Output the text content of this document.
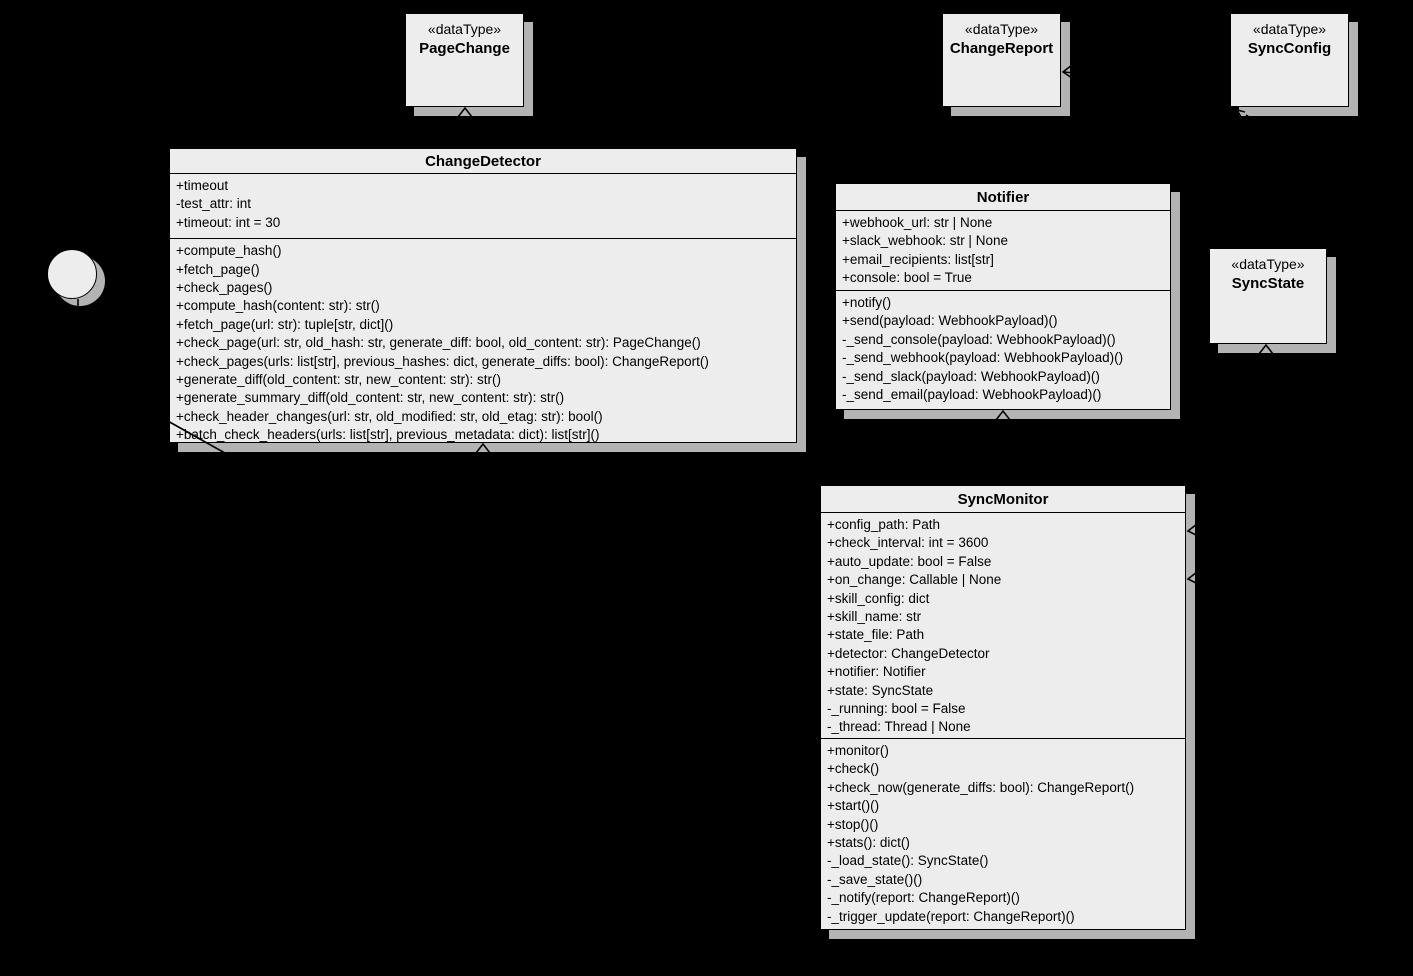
«dataType»
PageChange
«dataType»
ChangeReport
«dataType»
SyncConfig
«dataType»
SyncState
ChangeDetector
+timeout
-test_attr: int
+timeout: int = 30
+compute_hash()
+fetch_page()
+check_pages()
+compute_hash(content: str): str()
+fetch_page(url: str): tuple[str, dict]()
+check_page(url: str, old_hash: str, generate_diff: bool, old_content: str): PageChange()
+check_pages(urls: list[str], previous_hashes: dict, generate_diffs: bool): ChangeReport()
+generate_diff(old_content: str, new_content: str): str()
+generate_summary_diff(old_content: str, new_content: str): str()
+check_header_changes(url: str, old_modified: str, old_etag: str): bool()
+batch_check_headers(urls: list[str], previous_metadata: dict): list[str]()
Notifier
+webhook_url: str | None
+slack_webhook: str | None
+email_recipients: list[str]
+console: bool = True
+notify()
+send(payload: WebhookPayload)()
-_send_console(payload: WebhookPayload)()
-_send_webhook(payload: WebhookPayload)()
-_send_slack(payload: WebhookPayload)()
-_send_email(payload: WebhookPayload)()
SyncMonitor
+config_path: Path
+check_interval: int = 3600
+auto_update: bool = False
+on_change: Callable | None
+skill_config: dict
+skill_name: str
+state_file: Path
+detector: ChangeDetector
+notifier: Notifier
+state: SyncState
-_running: bool = False
-_thread: Thread | None
+monitor()
+check()
+check_now(generate_diffs: bool): ChangeReport()
+start()()
+stop()()
+stats(): dict()
-_load_state(): SyncState()
-_save_state()()
-_notify(report: ChangeReport)()
-_trigger_update(report: ChangeReport)()
